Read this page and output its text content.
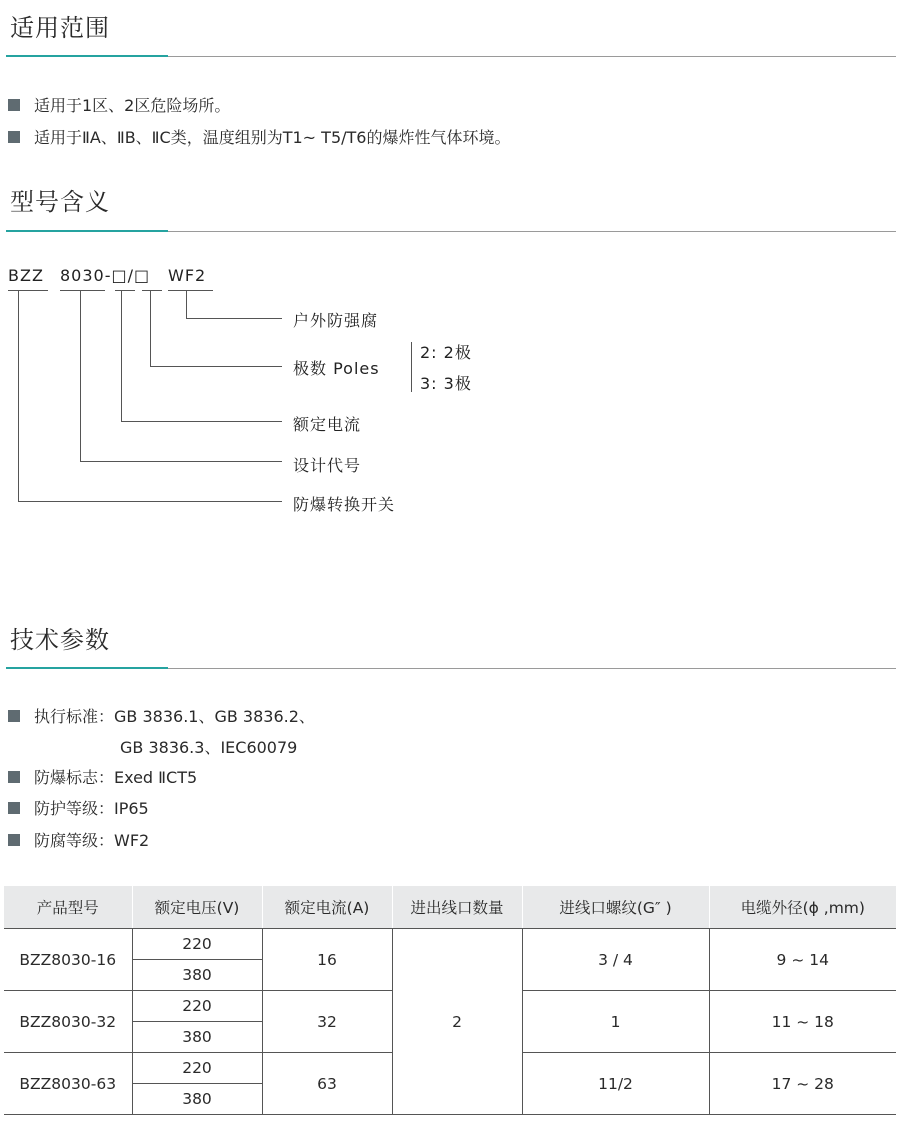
适用范围
适用于1区、2区危险场所。
适用于ⅡA、ⅡB、ⅡC类，温度组别为T1~ T5/T6的爆炸性气体环境。
型号含义
BZZ 8030-□/□ WF2
户外防强腐
极数 Poles
2: 2极
3: 3极
额定电流
设计代号
防爆转换开关
技术参数
执行标准： GB 3836.1、GB 3836.2、
GB 3836.3、IEC60079
防爆标志：Exed ⅡCT5
防护等级：IP65
防腐等级：WF2
产品型号	额定电压(V)	额定电流(A)	进出线口数量	进线口螺纹(G″ )	电缆外径(ϕ ,mm)
BZZ8030-16	220	16	2	3 / 4	9 ~ 14
	380				
BZZ8030-32	220	32		1	11 ~ 18
	380				
BZZ8030-63	220	63		11/2	17 ~ 28
	380				
